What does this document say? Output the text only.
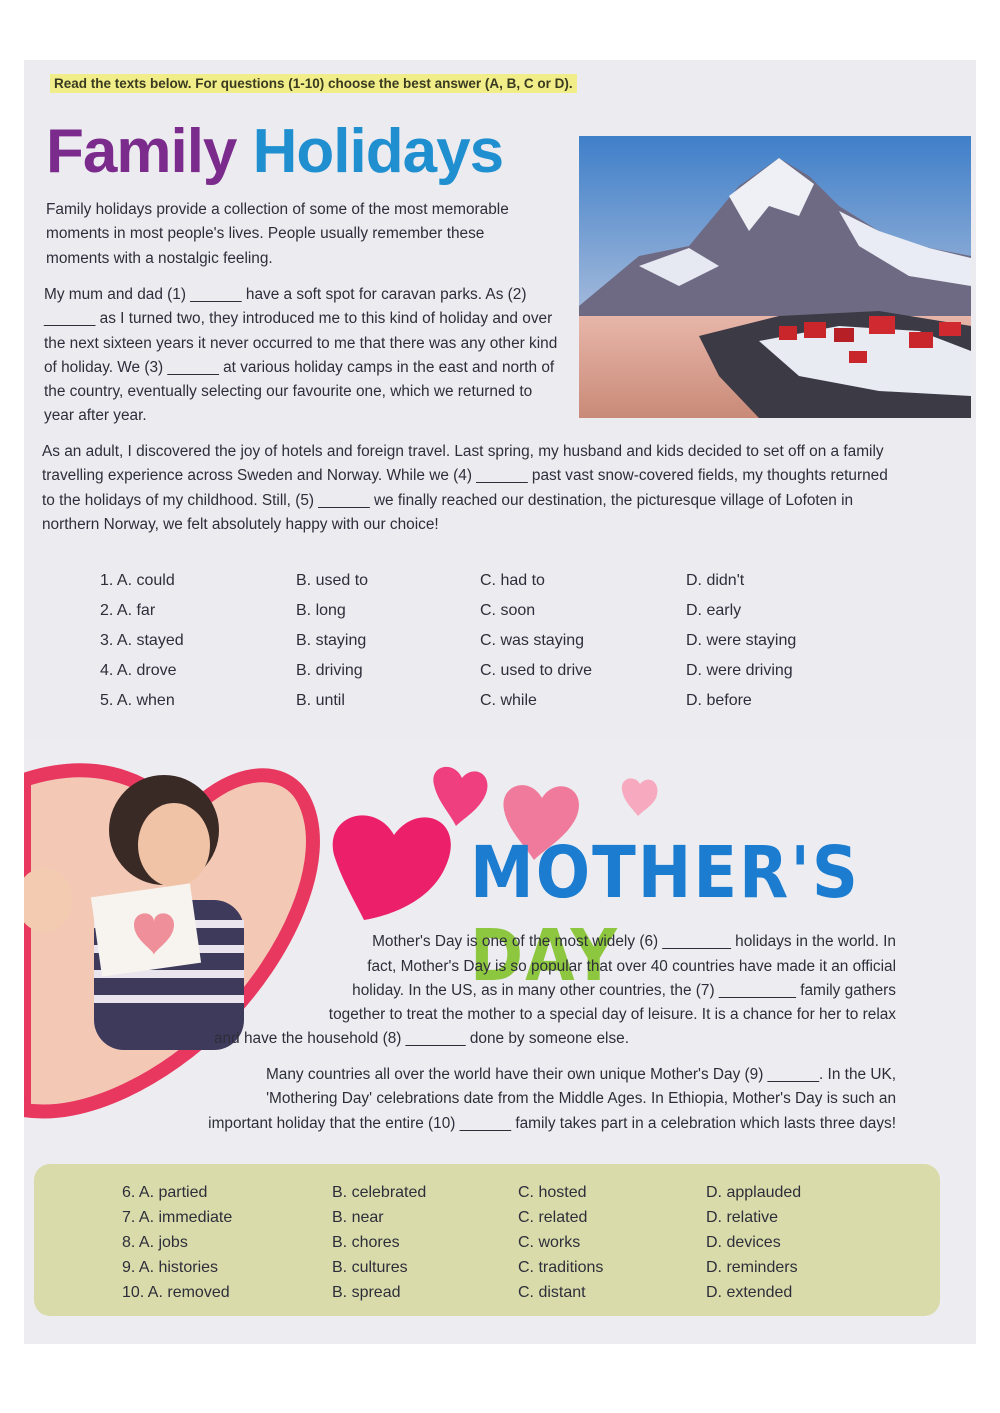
Read the texts below. For questions (1-10) choose the best answer (A, B, C or D).
Family Holidays

Family holidays provide a collection of some of the most memorable moments in most people's lives. People usually remember these moments with a nostalgic feeling.

My mum and dad (1) ______ have a soft spot for caravan parks. As (2) ______ as I turned two, they introduced me to this kind of holiday and over the next sixteen years it never occurred to me that there was any other kind of holiday. We (3) ______ at various holiday camps in the east and north of the country, eventually selecting our favourite one, which we returned to year after year.

As an adult, I discovered the joy of hotels and foreign travel. Last spring, my husband and kids decided to set off on a family travelling experience across Sweden and Norway. While we (4) ______ past vast snow-covered fields, my thoughts returned to the holidays of my childhood. Still, (5) ______ we finally reached our destination, the picturesque village of Lofoten in northern Norway, we felt absolutely happy with our choice!

1. A. could	B. used to	C. had to	D. didn't
2. A. far	B. long	C. soon	D. early
3. A. stayed	B. staying	C. was staying	D. were staying
4. A. drove	B. driving	C. used to drive	D. were driving
5. A. when	B. until	C. while	D. before
MOTHER'S DAY
Mother's Day is one of the most widely (6) ________ holidays in the world. In
fact, Mother's Day is so popular that over 40 countries have made it an official
holiday. In the US, as in many other countries, the (7) _________ family gathers
together to treat the mother to a special day of leisure. It is a chance for her to relax
and have the household (8) _______ done by someone else.
Many countries all over the world have their own unique Mother's Day (9) ______. In the UK,
'Mothering Day' celebrations date from the Middle Ages. In Ethiopia, Mother's Day is such an
important holiday that the entire (10) ______ family takes part in a celebration which lasts three days!
6. A. partied	B. celebrated	C. hosted	D. applauded
7. A. immediate	B. near	C. related	D. relative
8. A. jobs	B. chores	C. works	D. devices
9. A. histories	B. cultures	C. traditions	D. reminders
10. A. removed	B. spread	C. distant	D. extended
